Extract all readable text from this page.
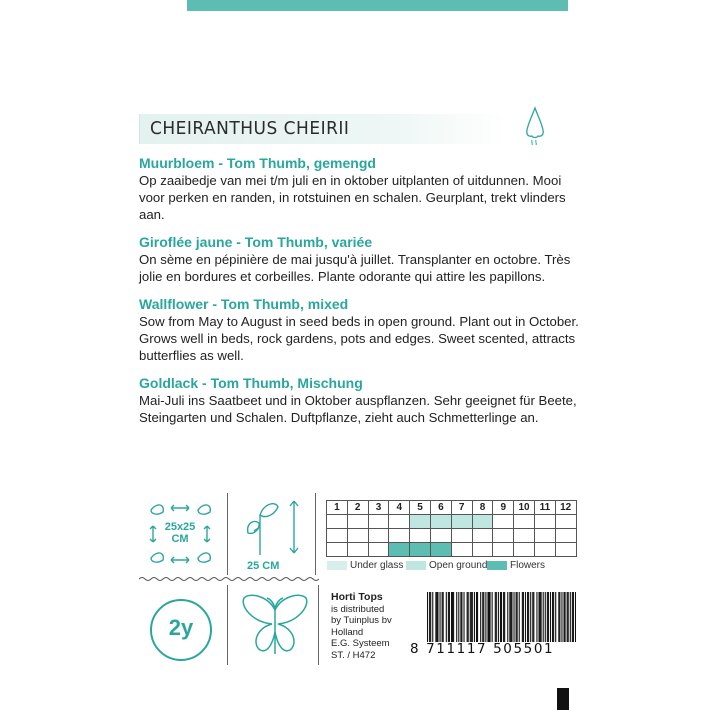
CHEIRANTHUS CHEIRII
Muurbloem - Tom Thumb, gemengd
Op zaaibedje van mei t/m juli en in oktober uitplanten of uitdunnen. Mooi
voor perken en randen, in rotstuinen en schalen. Geurplant, trekt vlinders
aan.
Giroflée jaune - Tom Thumb, variée
On sème en pépinière de mai jusqu'à juillet. Transplanter en octobre. Très
jolie en bordures et corbeilles. Plante odorante qui attire les papillons.
Wallflower - Tom Thumb, mixed
Sow from May to August in seed beds in open ground. Plant out in October.
Grows well in beds, rock gardens, pots and edges. Sweet scented, attracts
butterflies as well.
Goldlack - Tom Thumb, Mischung
Mai-Juli ins Saatbeet und in Oktober auspflanzen. Sehr geeignet für Beete,
Steingarten und Schalen. Duftpflanze, zieht auch Schmetterlinge an.
25x25
CM
25 CM
1	2	3	4	5	6	7	8	9	10	11	12

Under glass	Open ground	Flowers
2y
Horti Tops
is distributed
by Tuinplus bv
Holland
E.G. Systeem
ST. / H472	8 711117 505501
